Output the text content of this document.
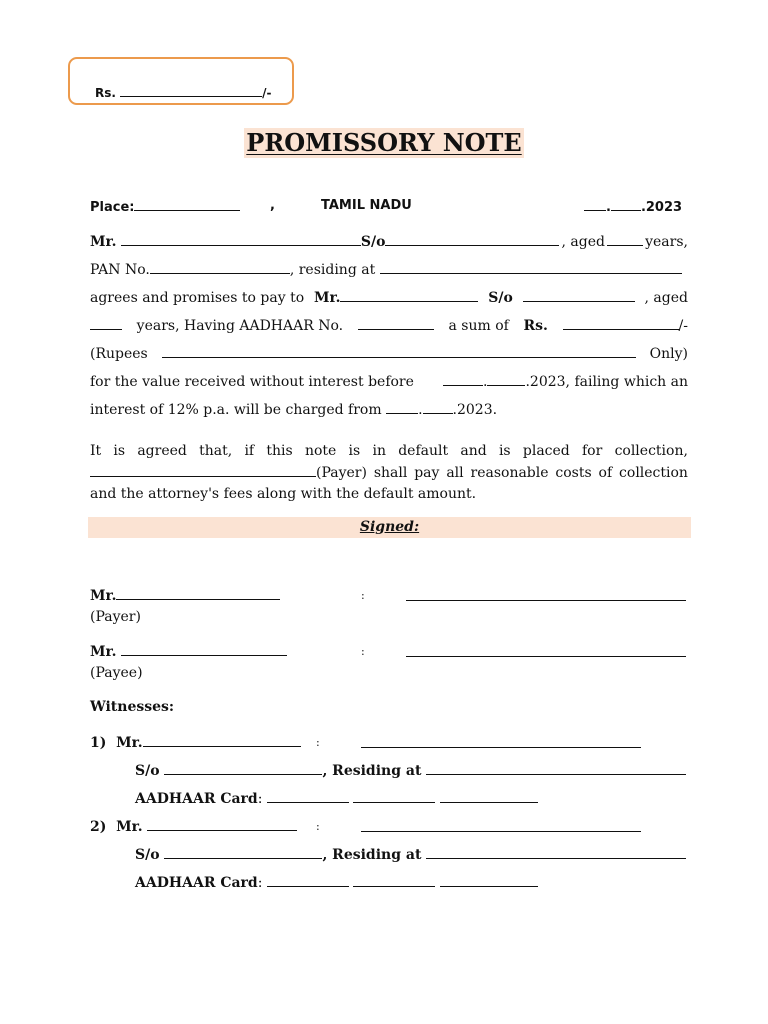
Rs.	/-
PROMISSORY NOTE
Place:	,	TAMIL NADU	. .2023
Mr.	S/o	, aged	years,
PAN No.	, residing at
agrees and promises to pay to Mr.	S/o	, aged
years, Having AADHAAR No.	a sum of Rs.	/-
(Rupees	Only)
for the value received without interest before	.	.2023, failing which an
interest of 12% p.a. will be charged from	. .2023.
It is agreed that, if this note is in default and is placed for collection,
(Payer) shall pay all reasonable costs of collection
and the attorney's fees along with the default amount.
Signed:
Mr.	:
(Payer)
Mr.	:
(Payee)
Witnesses:
1) Mr.	:
S/o	, Residing at
AADHAAR Card:
2) Mr.	:
S/o	, Residing at
AADHAAR Card:
